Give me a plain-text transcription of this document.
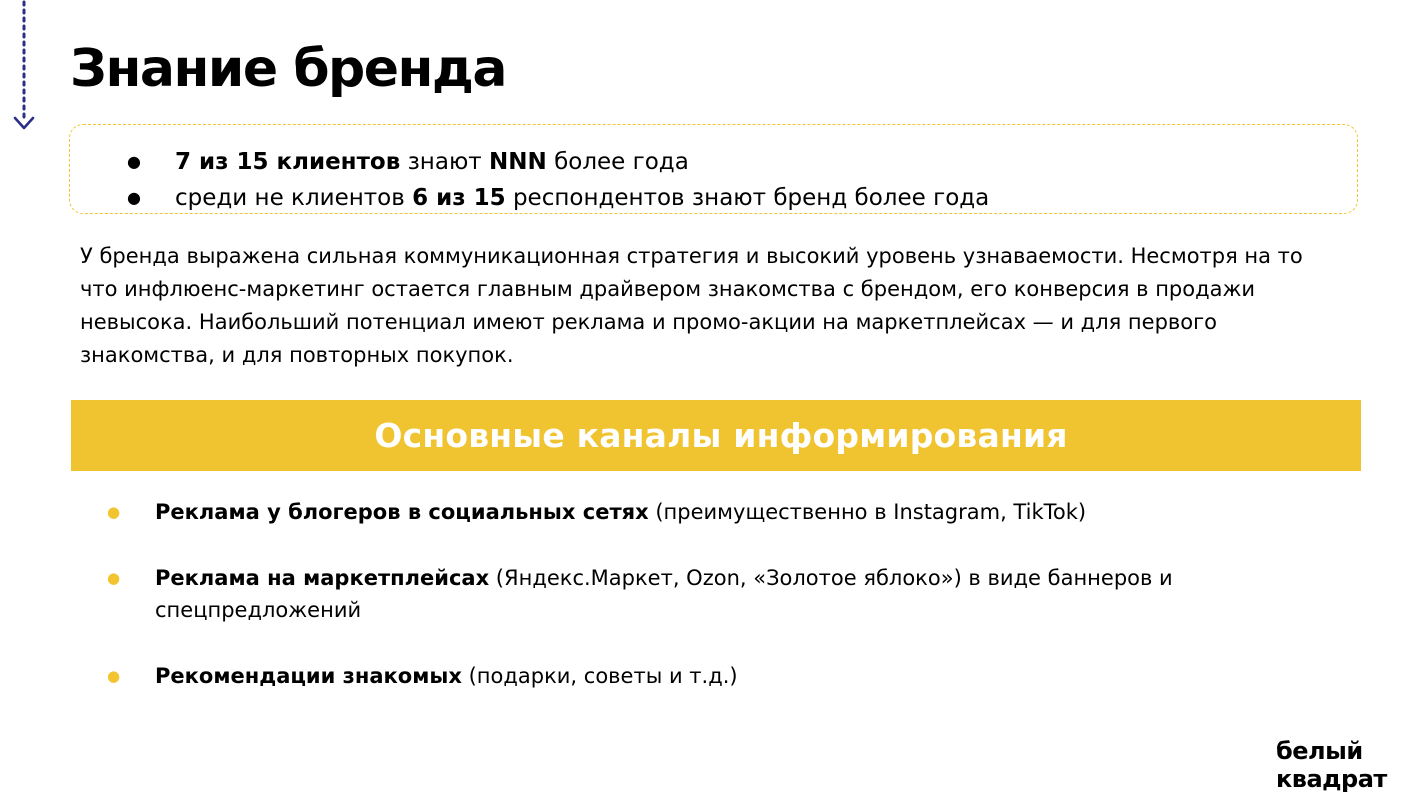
Знание бренда
● 7 из 15 клиентов знают NNN более года
● среди не клиентов 6 из 15 респондентов знают бренд более года

У бренда выражена сильная коммуникационная стратегия и высокий уровень узнаваемости. Несмотря на то что инфлюенс-маркетинг остается главным драйвером знакомства с брендом, его конверсия в продажи невысока. Наибольший потенциал имеют реклама и промо-акции на маркетплейсах — и для первого знакомства, и для повторных покупок.

Основные каналы информирования
● Реклама у блогеров в социальных сетях (преимущественно в Instagram, TikTok)
● Реклама на маркетплейсах (Яндекс.Маркет, Ozon, «Золотое яблоко») в виде баннеров и спецпредложений
● Рекомендации знакомых (подарки, советы и т.д.)
белый
квадрат
